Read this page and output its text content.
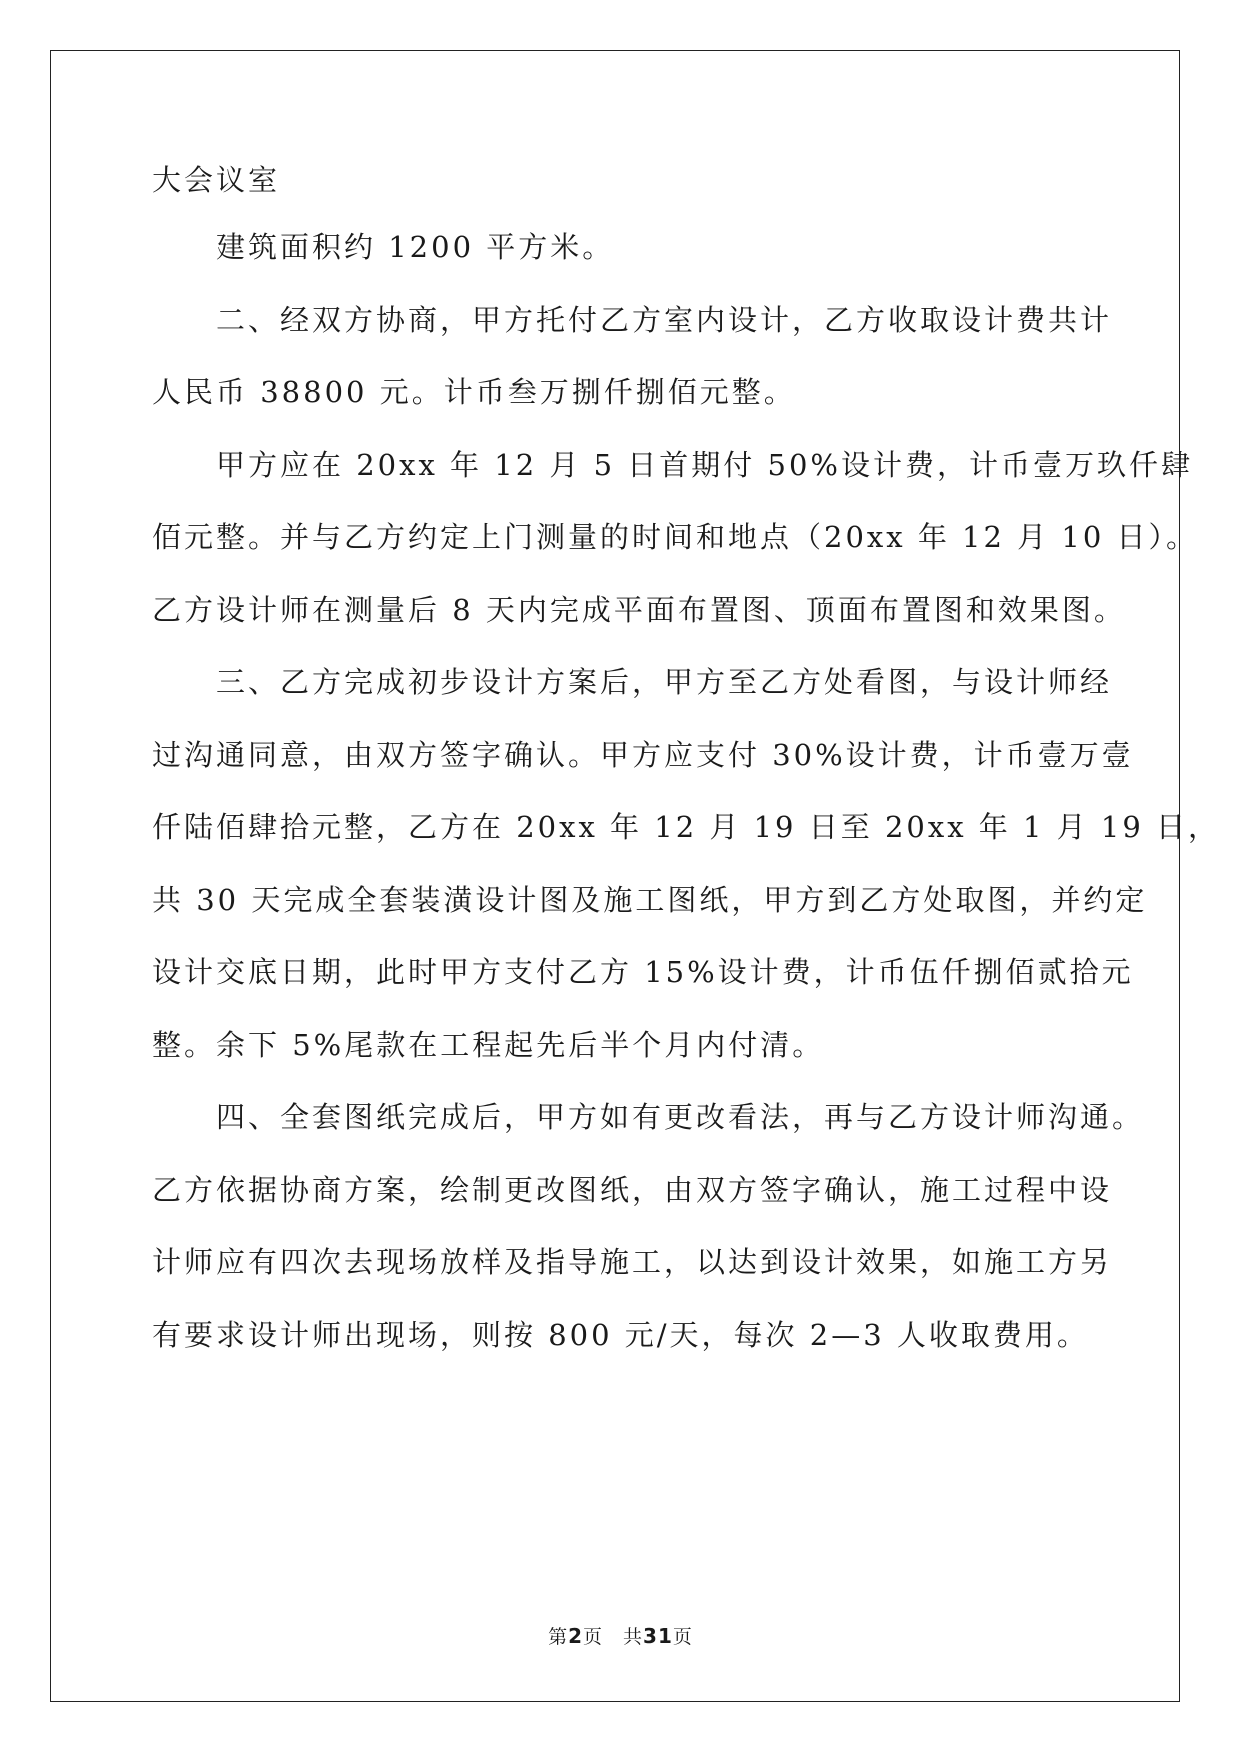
大会议室
建筑面积约 1200 平方米。
二、经双方协商，甲方托付乙方室内设计，乙方收取设计费共计
人民币 38800 元。计币叁万捌仟捌佰元整。
甲方应在 20xx 年 12 月 5 日首期付 50%设计费，计币壹万玖仟肆
佰元整。并与乙方约定上门测量的时间和地点（20xx 年 12 月 10 日）。
乙方设计师在测量后 8 天内完成平面布置图、顶面布置图和效果图。
三、乙方完成初步设计方案后，甲方至乙方处看图，与设计师经
过沟通同意，由双方签字确认。甲方应支付 30%设计费，计币壹万壹
仟陆佰肆拾元整，乙方在 20xx 年 12 月 19 日至 20xx 年 1 月 19 日，
共 30 天完成全套装潢设计图及施工图纸，甲方到乙方处取图，并约定
设计交底日期，此时甲方支付乙方 15%设计费，计币伍仟捌佰贰拾元
整。余下 5%尾款在工程起先后半个月内付清。
四、全套图纸完成后，甲方如有更改看法，再与乙方设计师沟通。
乙方依据协商方案，绘制更改图纸，由双方签字确认，施工过程中设
计师应有四次去现场放样及指导施工，以达到设计效果，如施工方另
有要求设计师出现场，则按 800 元/天，每次 2—3 人收取费用。
第2页 共31页
